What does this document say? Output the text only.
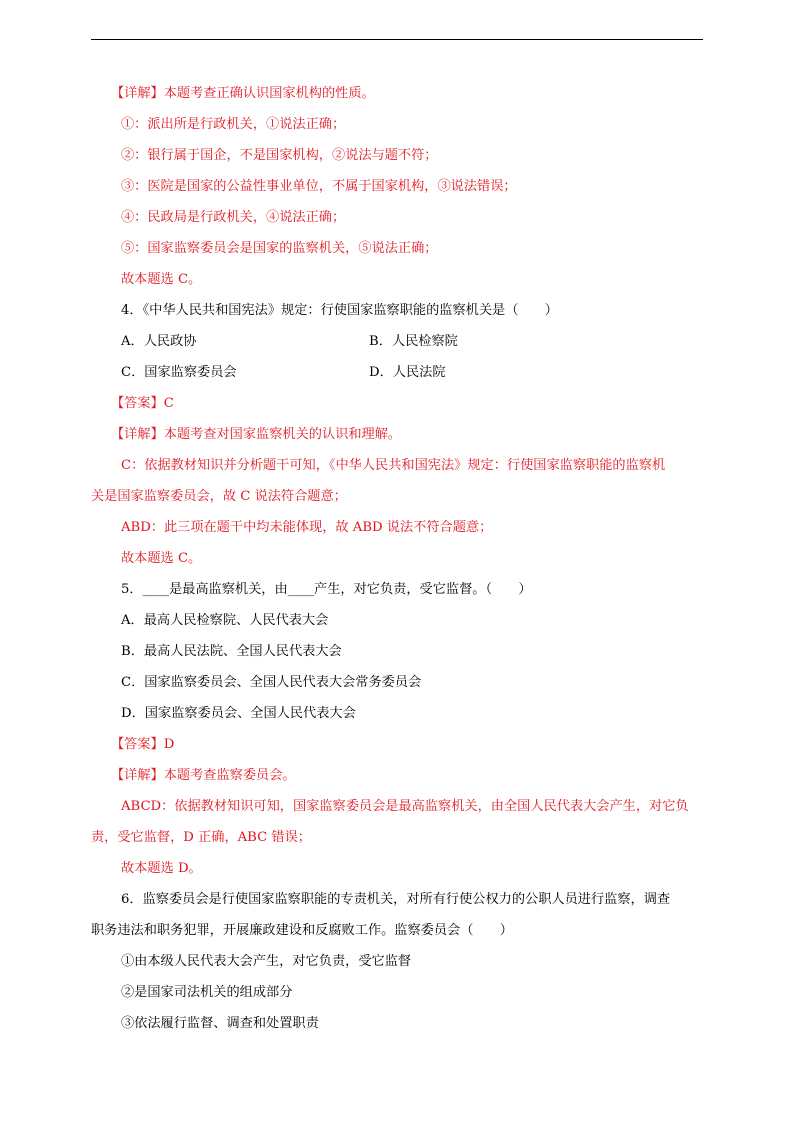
【详解】本题考查正确认识国家机构的性质。
①：派出所是行政机关，①说法正确；
②：银行属于国企，不是国家机构，②说法与题不符；
③：医院是国家的公益性事业单位，不属于国家机构，③说法错误；
④：民政局是行政机关，④说法正确；
⑤：国家监察委员会是国家的监察机关，⑤说法正确；
故本题选 C。
4．《中华人民共和国宪法》规定：行使国家监察职能的监察机关是（　　）
A．人民政协	B．人民检察院
C．国家监察委员会	D．人民法院
【答案】C
【详解】本题考查对国家监察机关的认识和理解。
C：依据教材知识并分析题干可知，《中华人民共和国宪法》规定：行使国家监察职能的监察机
关是国家监察委员会，故 C 说法符合题意；
ABD：此三项在题干中均未能体现，故 ABD 说法不符合题意；
故本题选 C。
5．____是最高监察机关，由____产生，对它负责，受它监督。（　　）
A．最高人民检察院、人民代表大会
B．最高人民法院、全国人民代表大会
C．国家监察委员会、全国人民代表大会常务委员会
D．国家监察委员会、全国人民代表大会
【答案】D
【详解】本题考查监察委员会。
ABCD：依据教材知识可知，国家监察委员会是最高监察机关，由全国人民代表大会产生，对它负
责，受它监督，D 正确，ABC 错误；
故本题选 D。
6．监察委员会是行使国家监察职能的专责机关，对所有行使公权力的公职人员进行监察，调查
职务违法和职务犯罪，开展廉政建设和反腐败工作。监察委员会（　　）
①由本级人民代表大会产生，对它负责，受它监督
②是国家司法机关的组成部分
③依法履行监督、调查和处置职责
